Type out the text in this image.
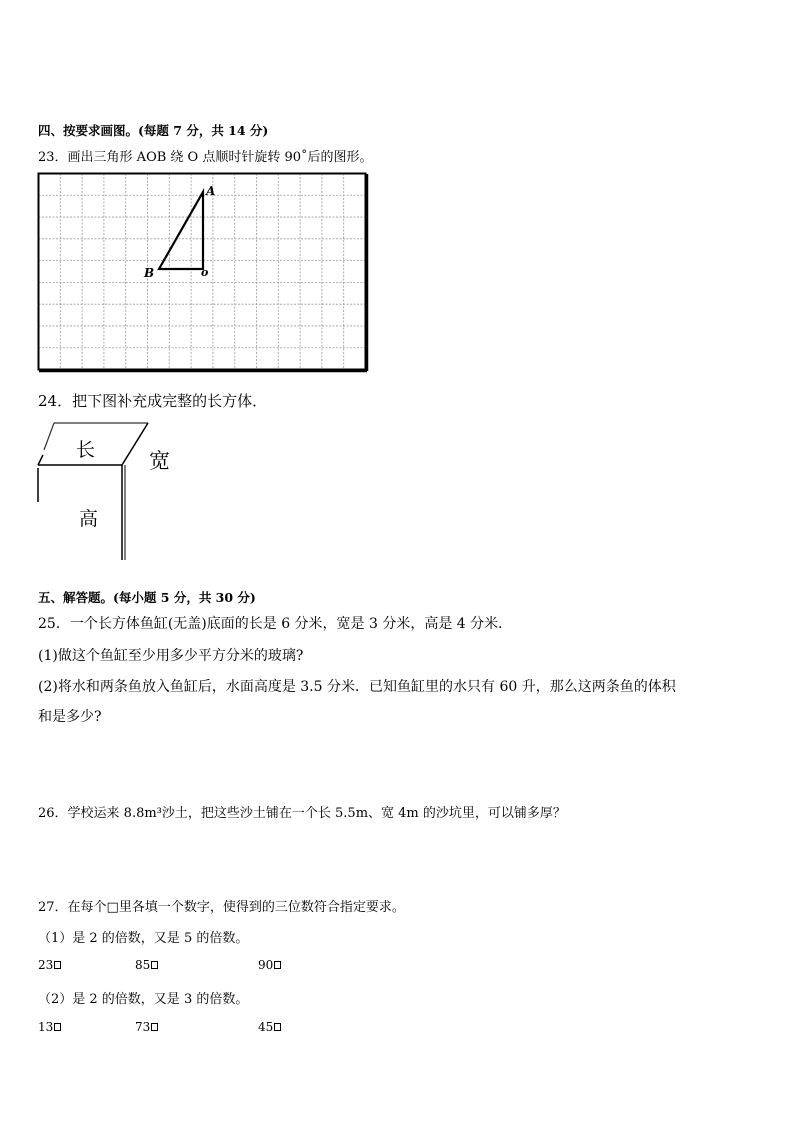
四、按要求画图。(每题 7 分，共 14 分)
23．画出三角形 AOB 绕 O 点顺时针旋转 90˚后的图形。
A
B	o
24．把下图补充成完整的长方体．
长	宽
高
五、解答题。(每小题 5 分，共 30 分)
25．一个长方体鱼缸(无盖)底面的长是 6 分米，宽是 3 分米，高是 4 分米．
(1)做这个鱼缸至少用多少平方分米的玻璃?
(2)将水和两条鱼放入鱼缸后，水面高度是 3.5 分米．已知鱼缸里的水只有 60 升，那么这两条鱼的体积
和是多少?
26．学校运来 8.8m³沙土，把这些沙土铺在一个长 5.5m、宽 4m 的沙坑里，可以铺多厚？
27．在每个□里各填一个数字，使得到的三位数符合指定要求。
（1）是 2 的倍数，又是 5 的倍数。
23	85	90
（2）是 2 的倍数，又是 3 的倍数。
13	73	45
